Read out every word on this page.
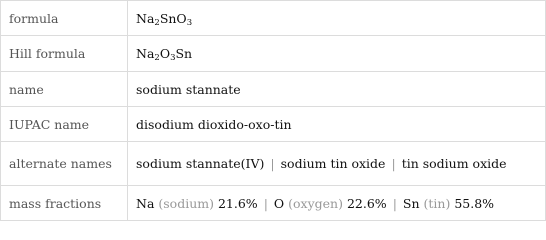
formula	$Na_2SnO_3$
Hill formula	$Na_2O_3Sn$
name	sodium stannate
IUPAC name	disodium dioxido-oxo-tin
alternate names	sodium stannate(IV) | sodium tin oxide | tin sodium oxide
mass fractions	Na (sodium) 21.6% | O (oxygen) 22.6% | Sn (tin) 55.8%
